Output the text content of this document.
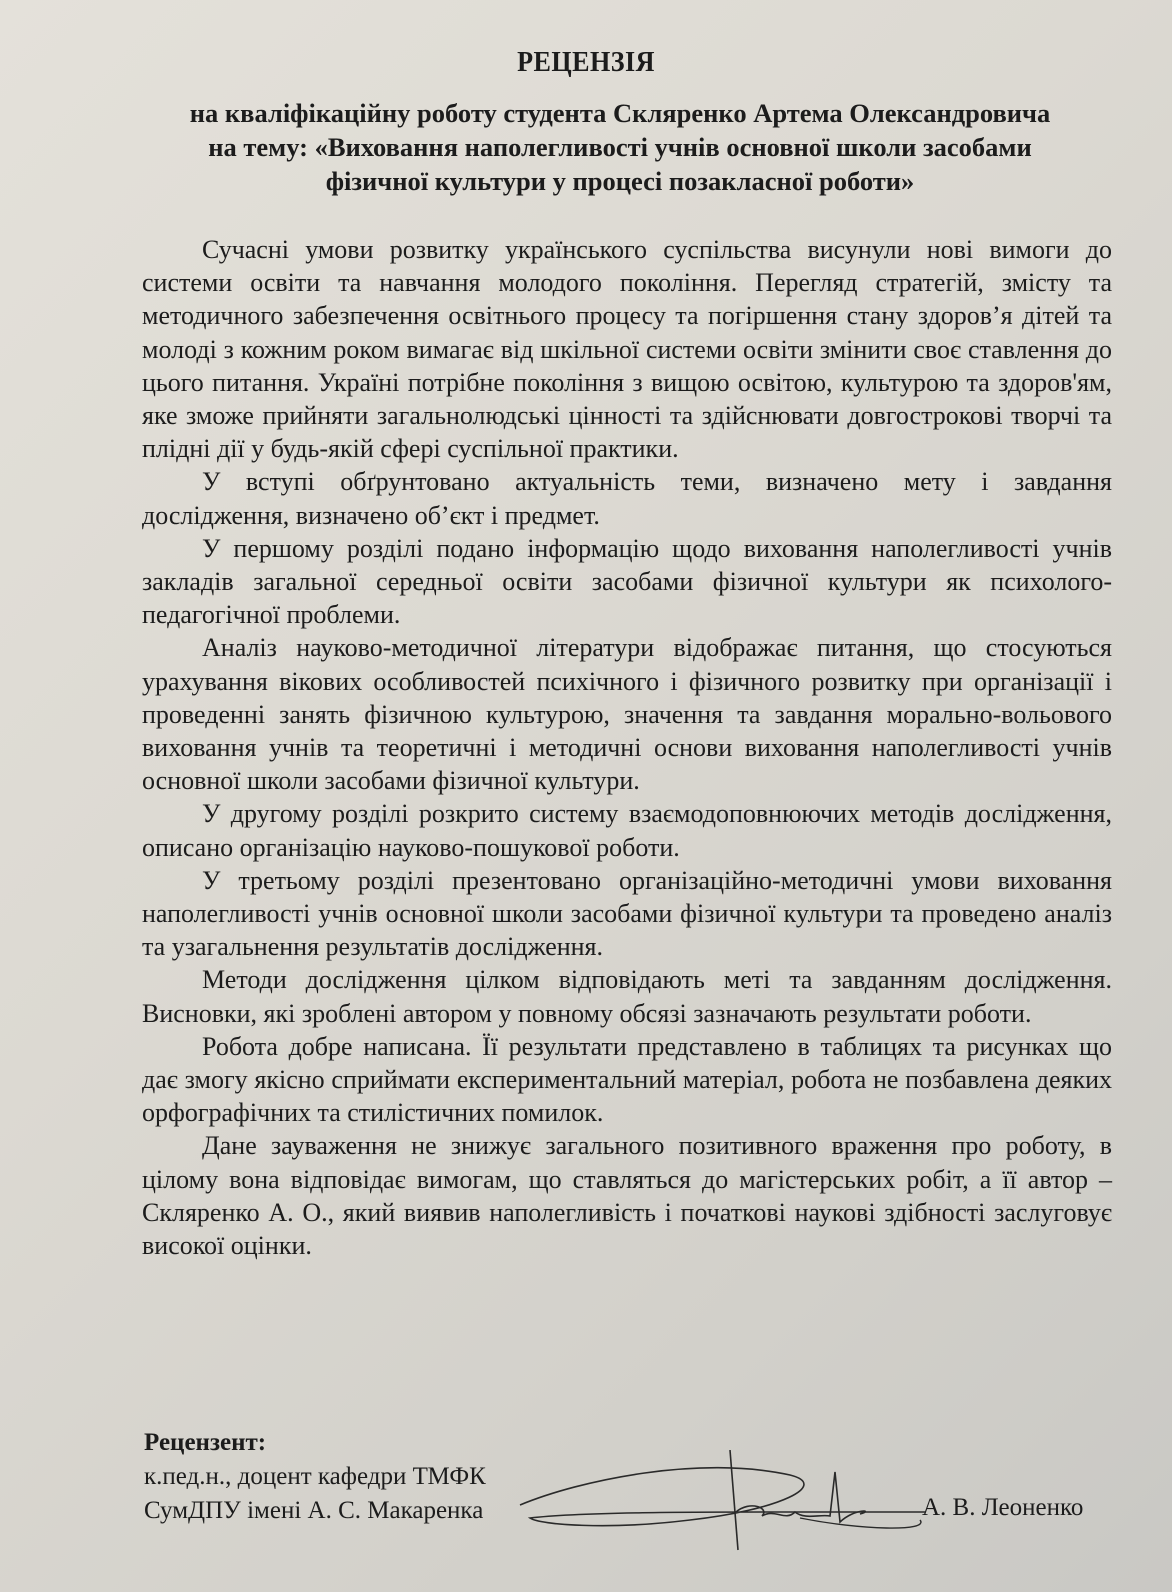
РЕЦЕНЗІЯ
на кваліфікаційну роботу студента Скляренко Артема Олександровича
на тему: «Виховання наполегливості учнів основної школи засобами
фізичної культури у процесі позакласної роботи»

Сучасні умови розвитку українського суспільства висунули нові вимоги до системи освіти та навчання молодого покоління. Перегляд стратегій, змісту та методичного забезпечення освітнього процесу та погіршення стану здоров’я дітей та молоді з кожним роком вимагає від шкільної системи освіти змінити своє ставлення до цього питання. Україні потрібне покоління з вищою освітою, культурою та здоров'ям, яке зможе прийняти загальнолюдські цінності та здійснювати довгострокові творчі та плідні дії у будь-якій сфері суспільної практики.

У вступі обґрунтовано актуальність теми, визначено мету і завдання дослідження, визначено об’єкт і предмет.

У першому розділі подано інформацію щодо виховання наполегливості учнів закладів загальної середньої освіти засобами фізичної культури як психолого-педагогічної проблеми.

Аналіз науково-методичної літератури відображає питання, що стосуються урахування вікових особливостей психічного і фізичного розвитку при організації і проведенні занять фізичною культурою, значення та завдання морально-вольового виховання учнів та теоретичні і методичні основи виховання наполегливості учнів основної школи засобами фізичної культури.

У другому розділі розкрито систему взаємодоповнюючих методів дослідження, описано організацію науково-пошукової роботи.

У третьому розділі презентовано організаційно-методичні умови виховання наполегливості учнів основної школи засобами фізичної культури та проведено аналіз та узагальнення результатів дослідження.

Методи дослідження цілком відповідають меті та завданням дослідження. Висновки, які зроблені автором у повному обсязі зазначають результати роботи.

Робота добре написана. Її результати представлено в таблицях та рисунках що дає змогу якісно сприймати експериментальний матеріал, робота не позбавлена деяких орфографічних та стилістичних помилок.

Дане зауваження не знижує загального позитивного враження про роботу, в цілому вона відповідає вимогам, що ставляться до магістерських робіт, а її автор – Скляренко А. О., який виявив наполегливість і початкові наукові здібності заслуговує високої оцінки.

Рецензент:
к.пед.н., доцент кафедри ТМФК
СумДПУ імені А. С. Макаренка	А. В. Леоненко
